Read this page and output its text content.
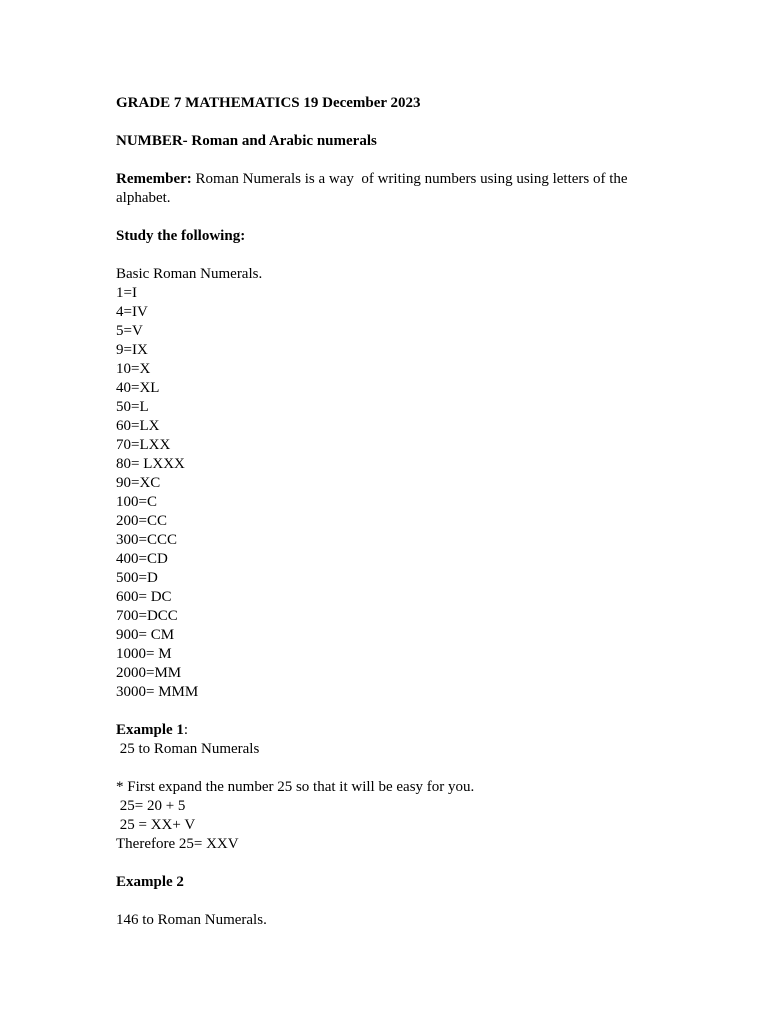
GRADE 7 MATHEMATICS 19 December 2023
NUMBER- Roman and Arabic numerals
Remember: Roman Numerals is a way  of writing numbers using using letters of the alphabet.
Study the following:
Basic Roman Numerals.
1=I
4=IV
5=V
9=IX
10=X
40=XL
50=L
60=LX
70=LXX
80= LXXX
90=XC
100=C
200=CC
300=CCC
400=CD
500=D
600= DC
700=DCC
900= CM
1000= M
2000=MM
3000= MMM
Example 1:
25 to Roman Numerals
* First expand the number 25 so that it will be easy for you.
25= 20 + 5
25 = XX+ V
Therefore 25= XXV
Example 2
146 to Roman Numerals.
